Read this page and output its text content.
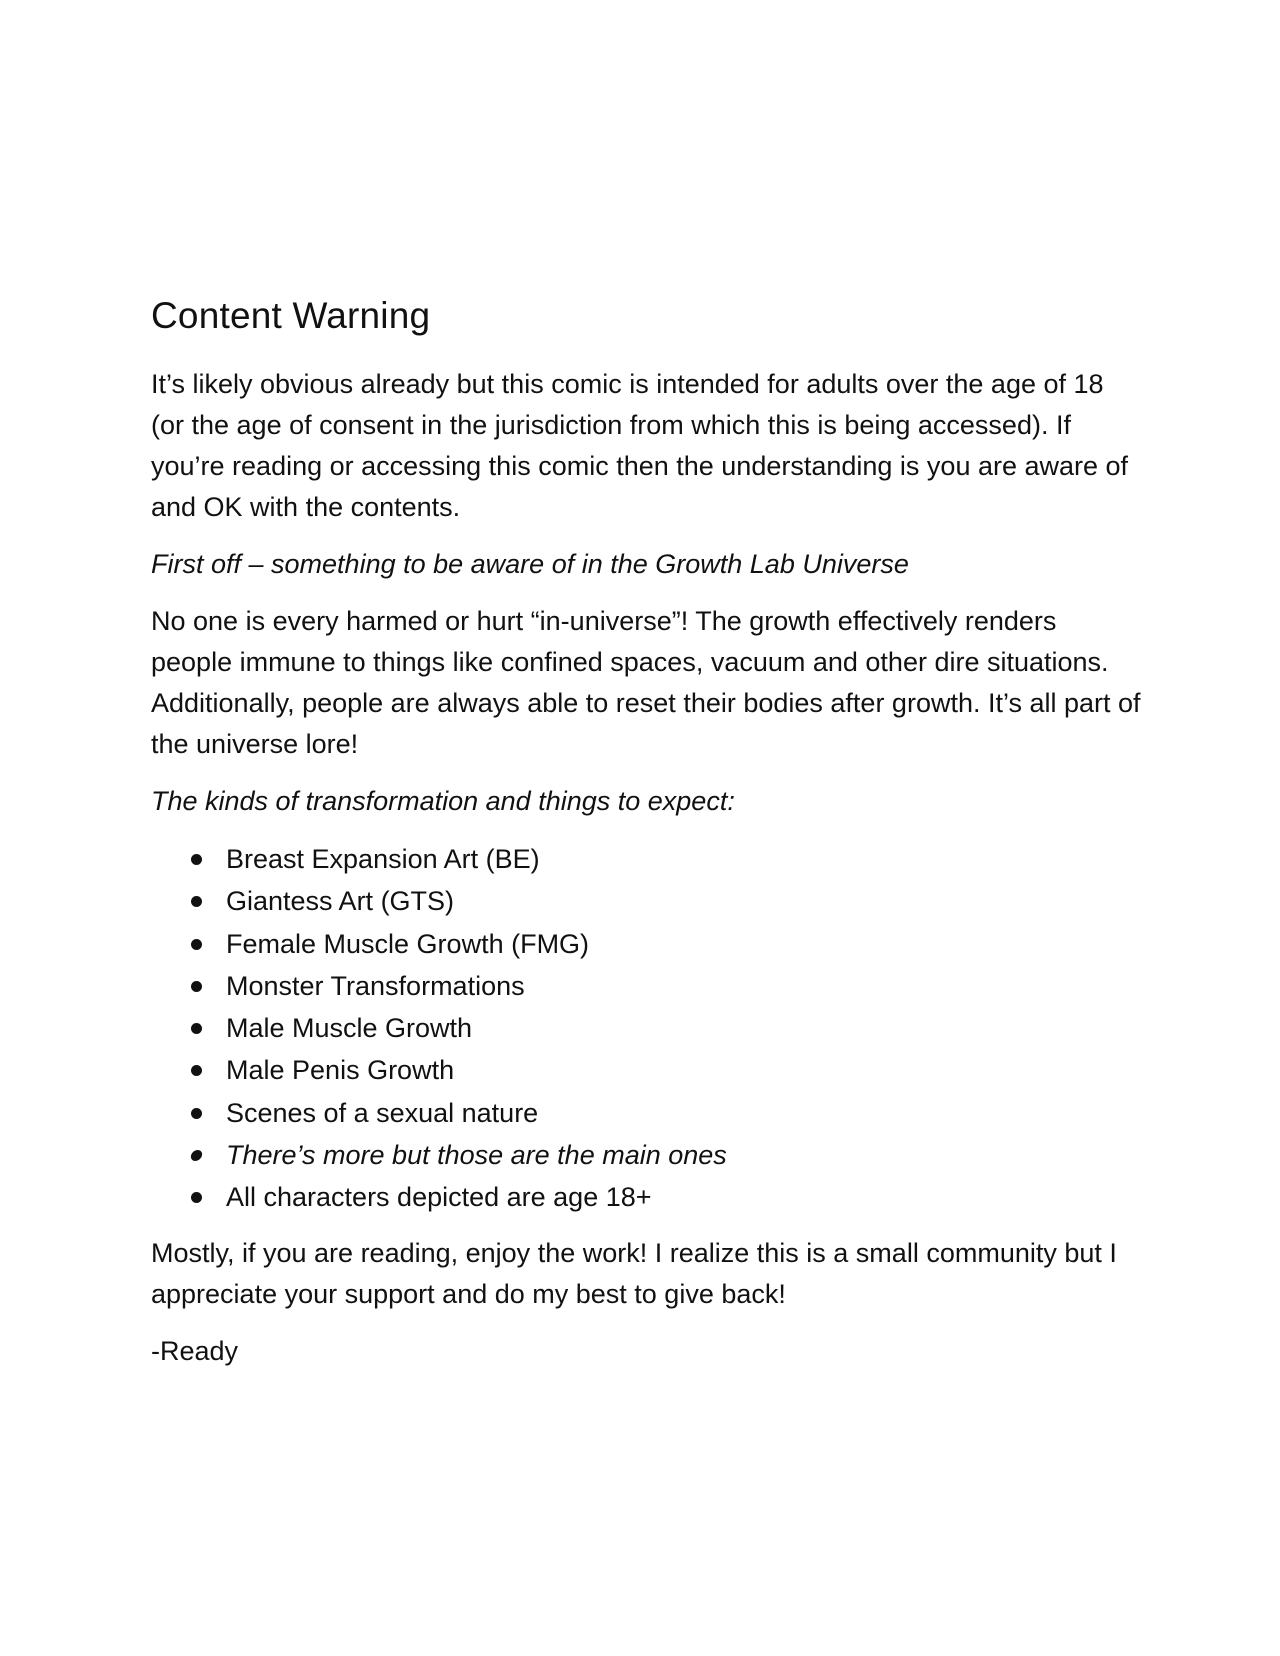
Content Warning

It’s likely obvious already but this comic is intended for adults over the age of 18 (or the age of consent in the jurisdiction from which this is being accessed). If you’re reading or accessing this comic then the understanding is you are aware of and OK with the contents.

First off – something to be aware of in the Growth Lab Universe

No one is every harmed or hurt “in-universe”! The growth effectively renders people immune to things like confined spaces, vacuum and other dire situations. Additionally, people are always able to reset their bodies after growth. It’s all part of the universe lore!

The kinds of transformation and things to expect:

Breast Expansion Art (BE)
Giantess Art (GTS)
Female Muscle Growth (FMG)
Monster Transformations
Male Muscle Growth
Male Penis Growth
Scenes of a sexual nature
There’s more but those are the main ones
All characters depicted are age 18+

Mostly, if you are reading, enjoy the work! I realize this is a small community but I appreciate your support and do my best to give back!

-Ready
